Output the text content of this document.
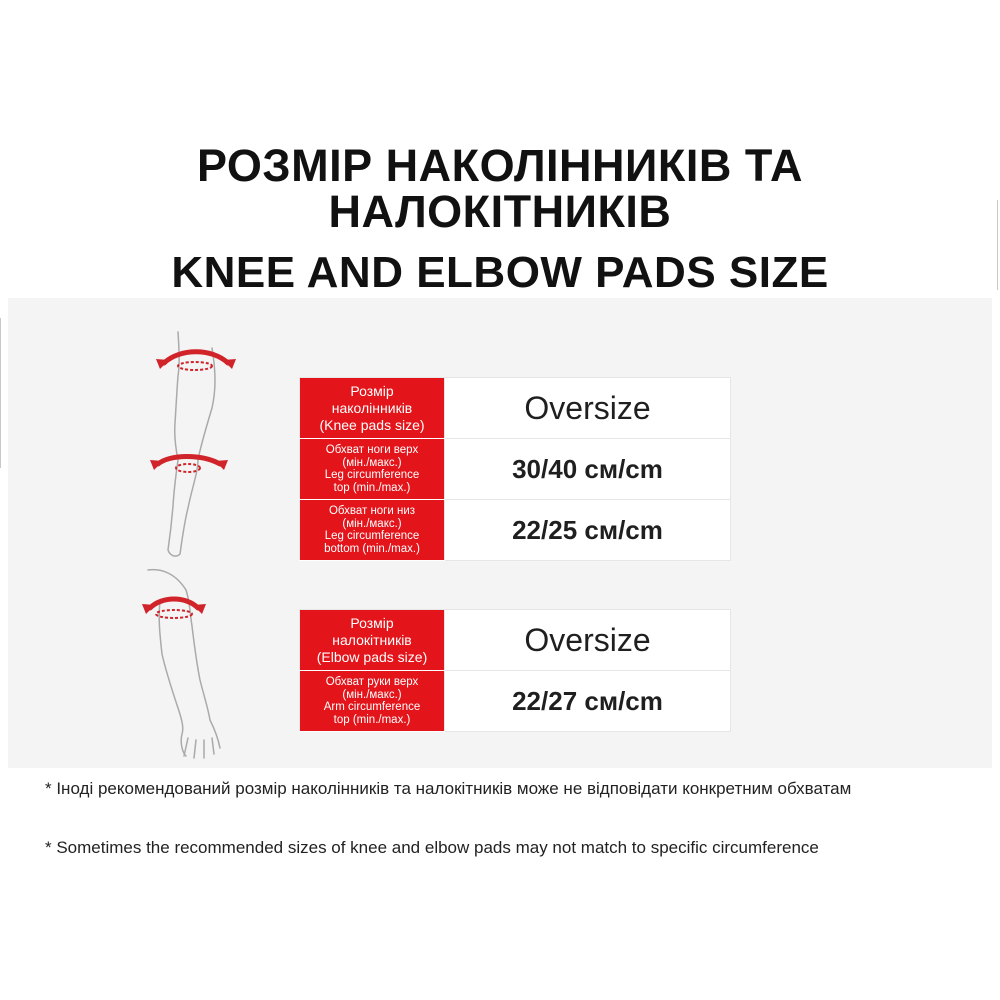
РОЗМІР НАКОЛІННИКІВ ТА
НАЛОКІТНИКІВ
KNEE AND ELBOW PADS SIZE
Розмір
наколінників
(Knee pads size)	Oversize
Обхват ноги верх
(мін./макс.)
Leg circumference
top (min./max.)	30/40 см/cm
Обхват ноги низ
(мін./макс.)
Leg circumference
bottom (min./max.)	22/25 см/cm
Розмір
налокітників
(Elbow pads size)	Oversize
Обхват руки верх
(мін./макс.)
Arm circumference
top (min./max.)	22/27 см/cm
* Іноді рекомендований розмір наколінників та налокітників може не відповідати конкретним обхватам
* Sometimes the recommended sizes of knee and elbow pads may not match to specific circumference
